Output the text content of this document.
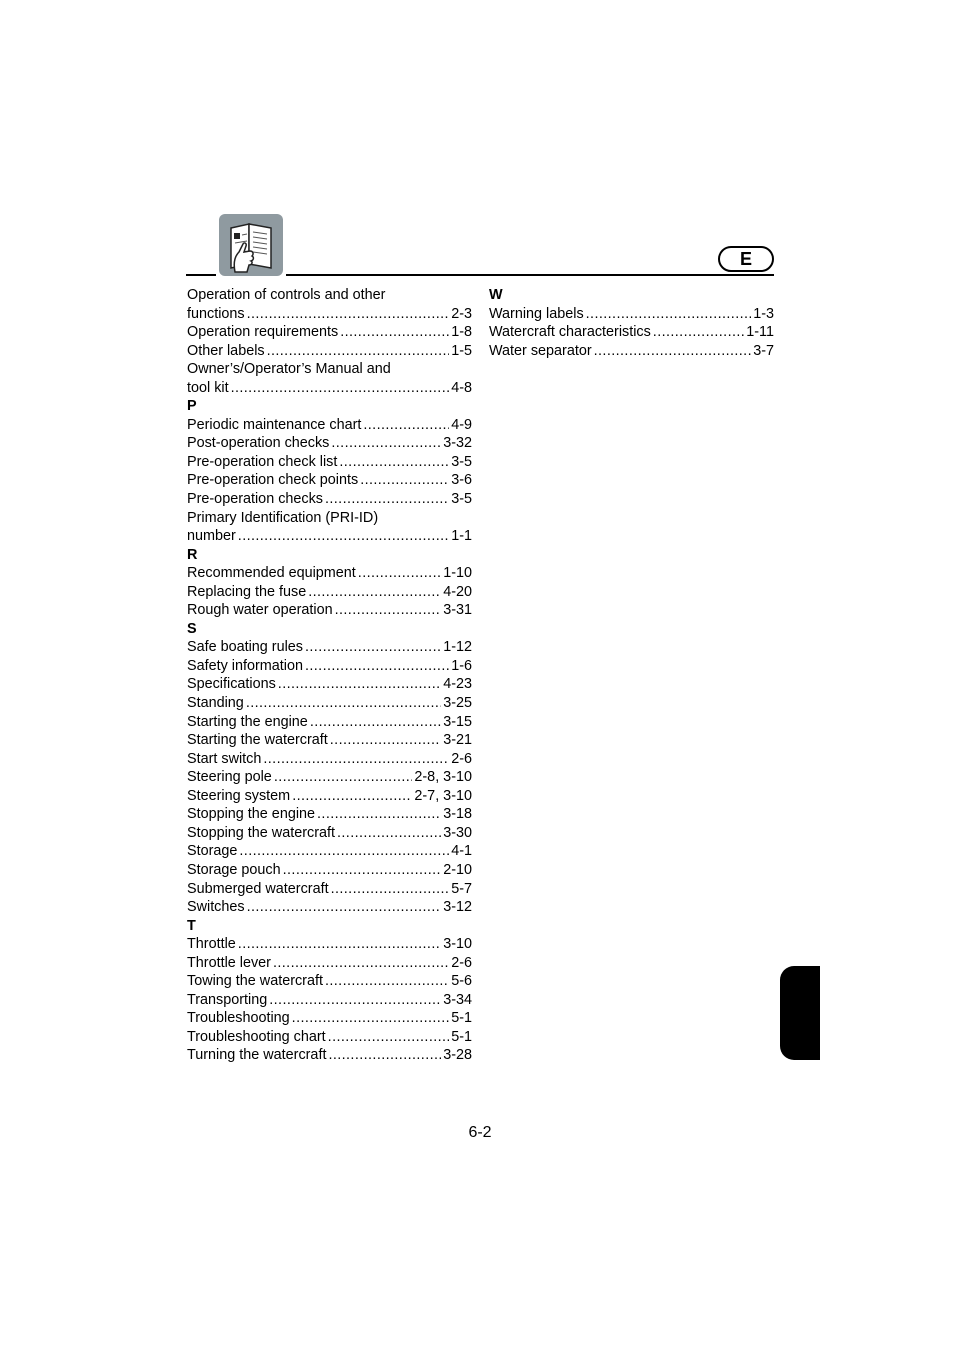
E
Operation of controls and other
functions .....	2-3
Operation requirements .....	1-8
Other labels .....	1-5
Owner’s/Operator’s Manual and
tool kit .....	4-8
P
Periodic maintenance chart .....	4-9
Post-operation checks .....	3-32
Pre-operation check list .....	3-5
Pre-operation check points .....	3-6
Pre-operation checks .....	3-5
Primary Identification (PRI-ID)
number .....	1-1
R
Recommended equipment .....	1-10
Replacing the fuse .....	4-20
Rough water operation .....	3-31
S
Safe boating rules .....	1-12
Safety information .....	1-6
Specifications .....	4-23
Standing .....	3-25
Starting the engine .....	3-15
Starting the watercraft .....	3-21
Start switch .....	2-6
Steering pole .....	2-8, 3-10
Steering system .....	2-7, 3-10
Stopping the engine .....	3-18
Stopping the watercraft .....	3-30
Storage .....	4-1
Storage pouch .....	2-10
Submerged watercraft .....	5-7
Switches .....	3-12
T
Throttle .....	3-10
Throttle lever .....	2-6
Towing the watercraft .....	5-6
Transporting .....	3-34
Troubleshooting .....	5-1
Troubleshooting chart .....	5-1
Turning the watercraft .....	3-28
W
Warning labels .....	1-3
Watercraft characteristics .....	1-11
Water separator .....	3-7
6-2
